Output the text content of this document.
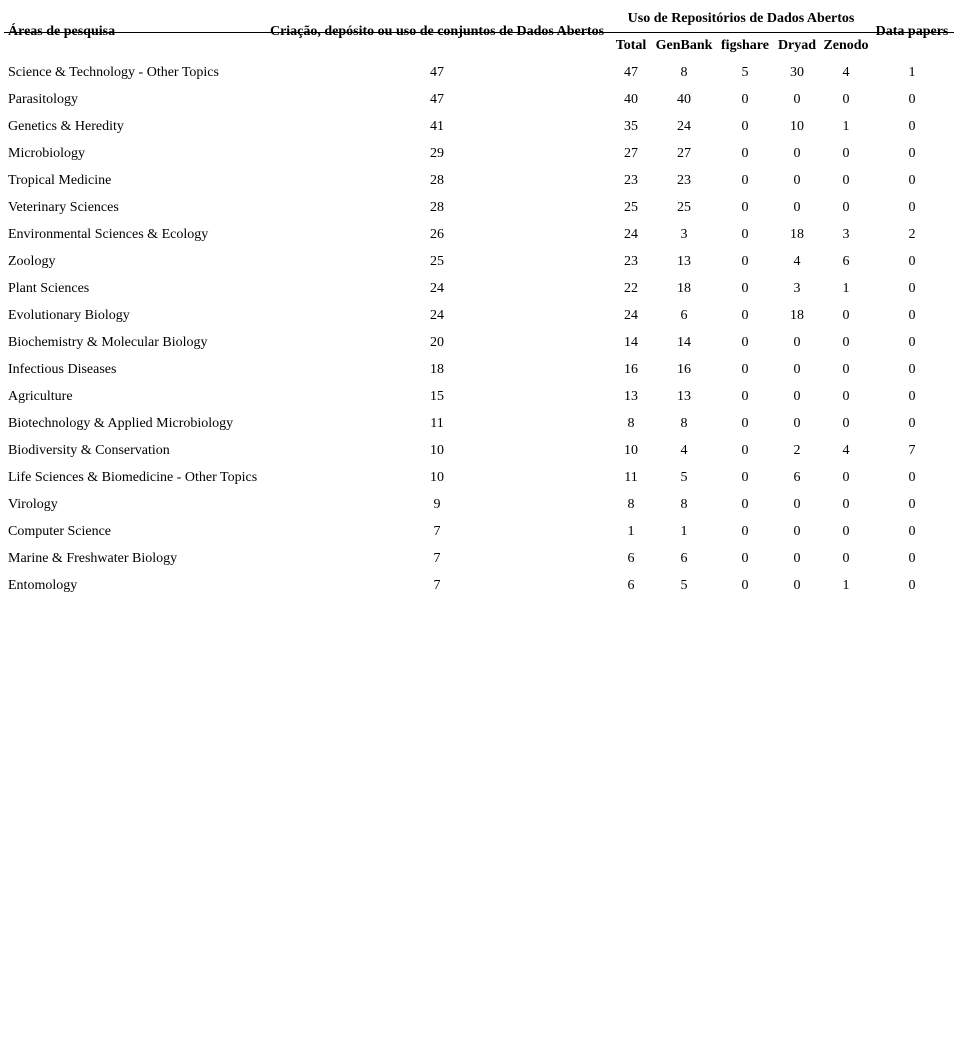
Áreas de pesquisa	Criação, depósito ou uso de conjuntos de Dados Abertos
Uso de Repositórios de Dados Abertos
Data papers
Total GenBank figshare Dryad Zenodo
Science & Technology - Other Topics	47	47	8	5	30	4	1
Parasitology	47	40	40	0	0	0	0
Genetics & Heredity	41	35	24	0	10	1	0
Microbiology	29	27	27	0	0	0	0
Tropical Medicine	28	23	23	0	0	0	0
Veterinary Sciences	28	25	25	0	0	0	0
Environmental Sciences & Ecology	26	24	3	0	18	3	2
Zoology	25	23	13	0	4	6	0
Plant Sciences	24	22	18	0	3	1	0
Evolutionary Biology	24	24	6	0	18	0	0
Biochemistry & Molecular Biology	20	14	14	0	0	0	0
Infectious Diseases	18	16	16	0	0	0	0
Agriculture	15	13	13	0	0	0	0
Biotechnology & Applied Microbiology	11	8	8	0	0	0	0
Biodiversity & Conservation	10	10	4	0	2	4	7
Life Sciences & Biomedicine - Other Topics	10	11	5	0	6	0	0
Virology	9	8	8	0	0	0	0
Computer Science	7	1	1	0	0	0	0
Marine & Freshwater Biology	7	6	6	0	0	0	0
Entomology	7	6	5	0	0	1	0
